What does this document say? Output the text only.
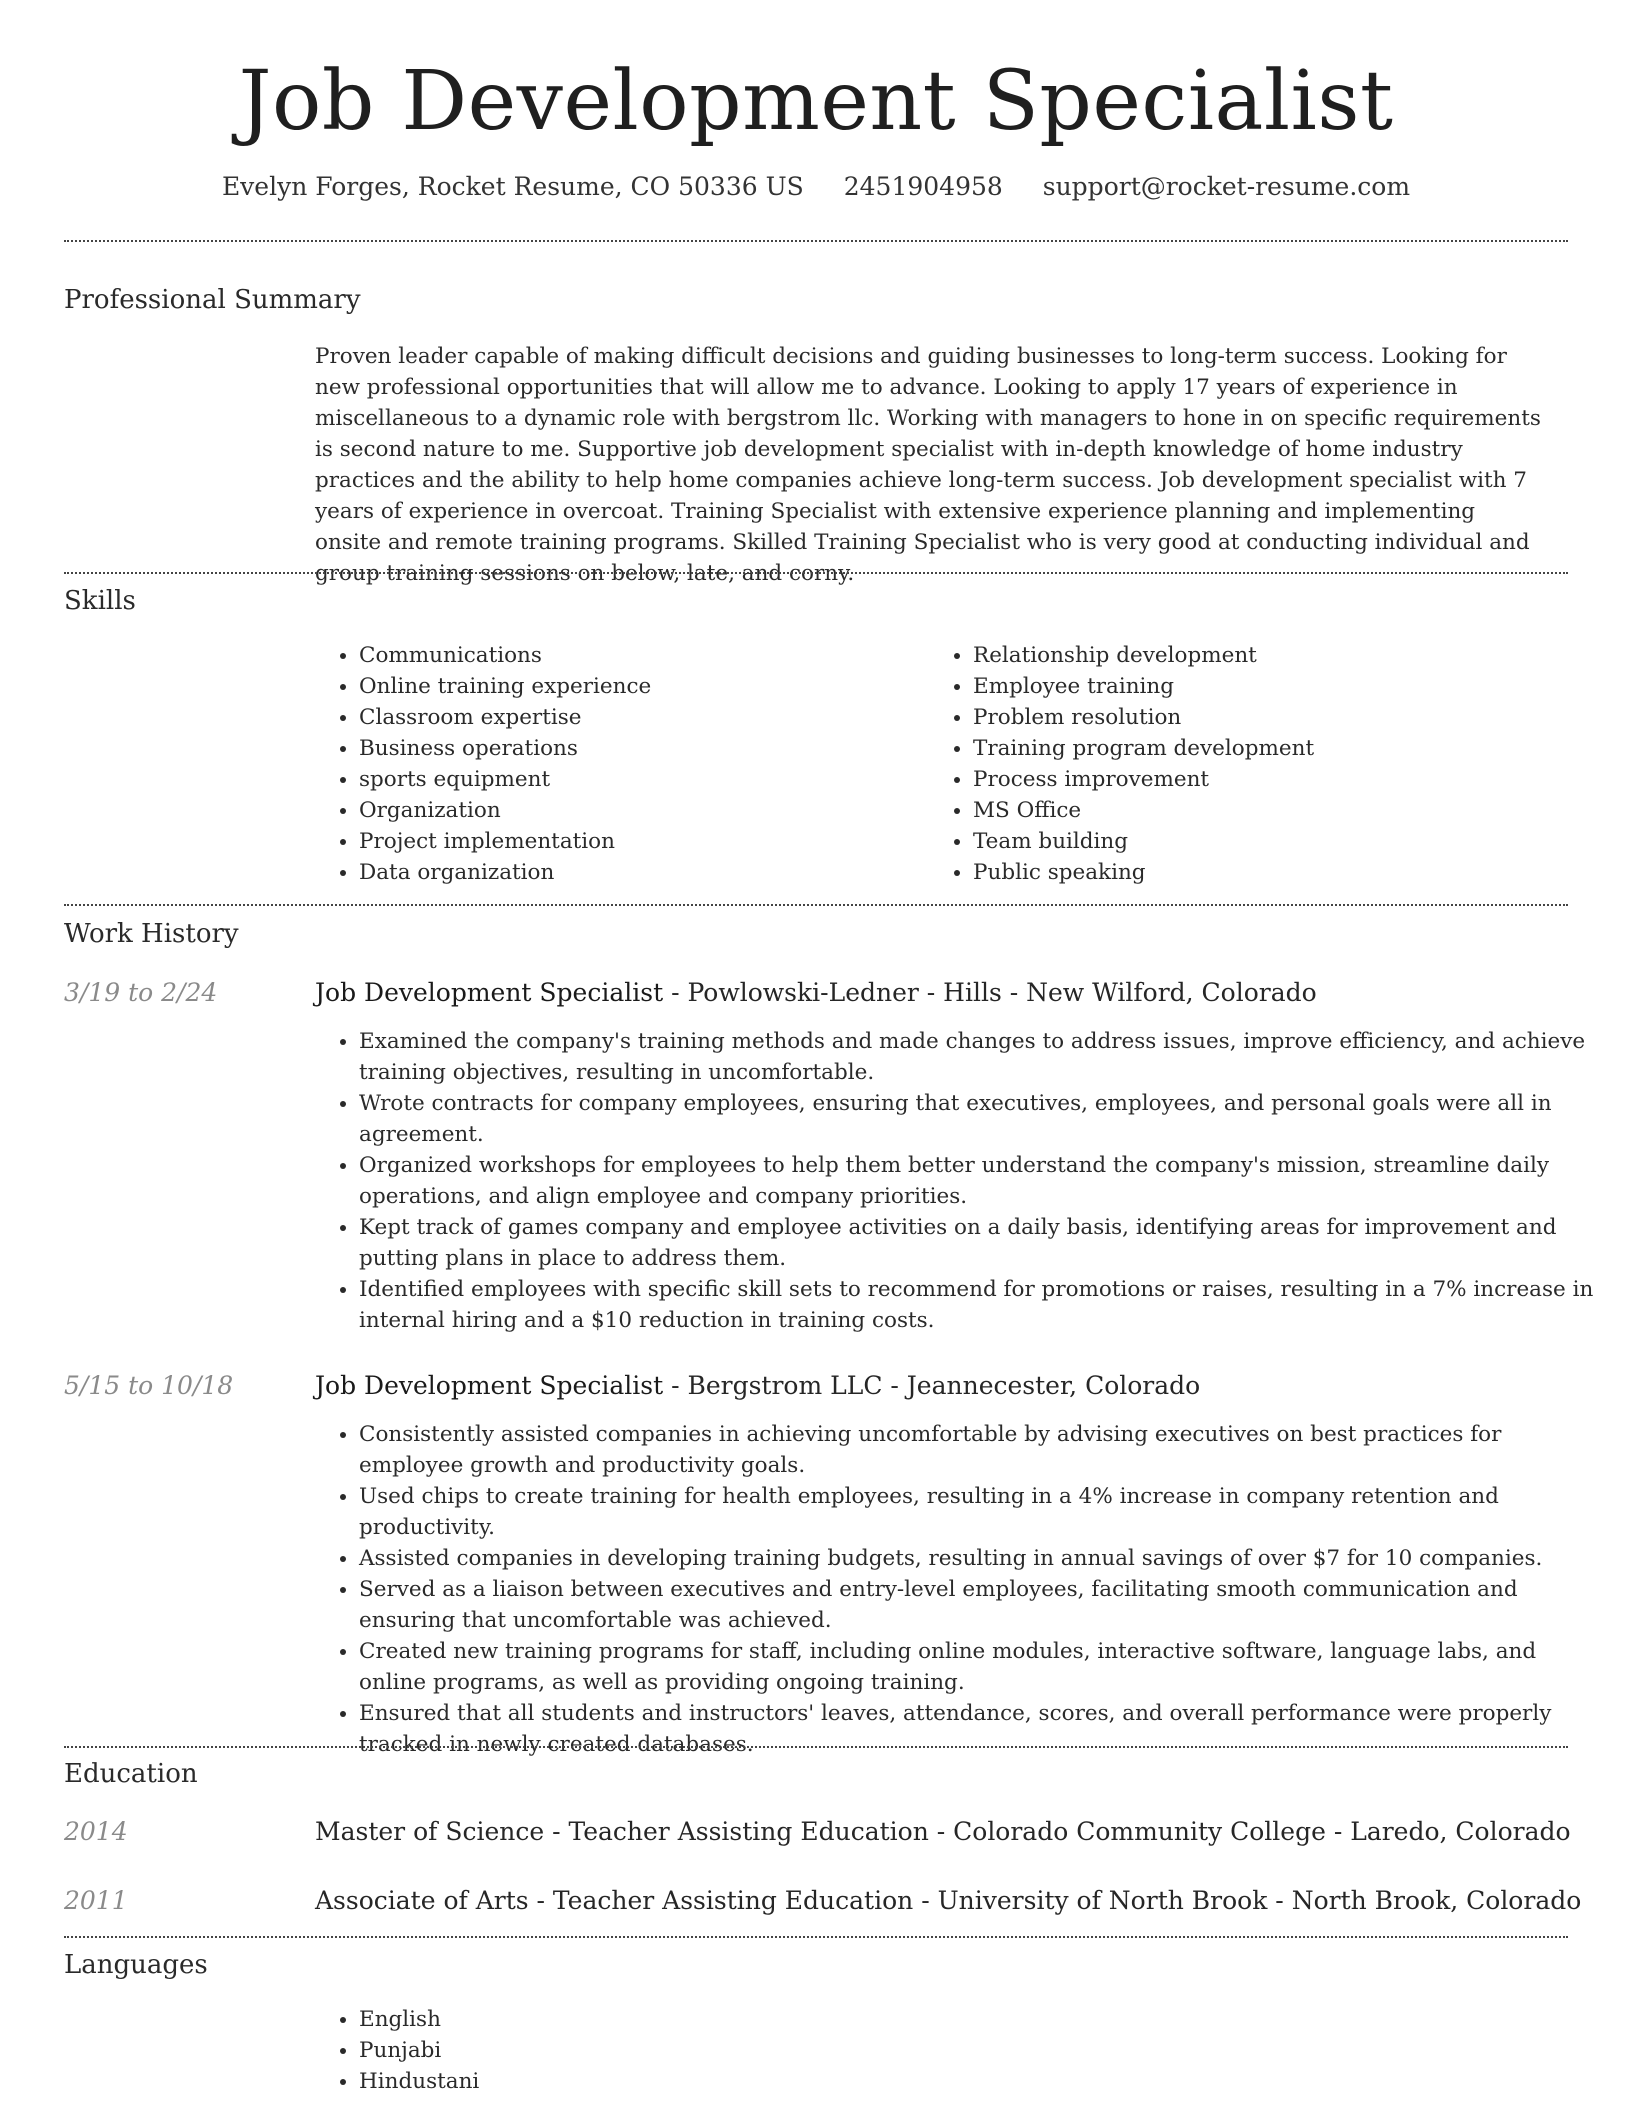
Job Development Specialist
Evelyn Forges, Rocket Resume, CO 50336 US 2451904958 support@rocket-resume.com
Professional Summary

Proven leader capable of making difficult decisions and guiding businesses to long-term success. Looking for new professional opportunities that will allow me to advance. Looking to apply 17 years of experience in miscellaneous to a dynamic role with bergstrom llc. Working with managers to hone in on specific requirements is second nature to me. Supportive job development specialist with in-depth knowledge of home industry practices and the ability to help home companies achieve long-term success. Job development specialist with 7 years of experience in overcoat. Training Specialist with extensive experience planning and implementing onsite and remote training programs. Skilled Training Specialist who is very good at conducting individual and group training sessions on below, late, and corny.

Skills
• Communications
• Online training experience
• Classroom expertise
• Business operations
• sports equipment
• Organization
• Project implementation
• Data organization
• Relationship development
• Employee training
• Problem resolution
• Training program development
• Process improvement
• MS Office
• Team building
• Public speaking
Work History
3/19 to 2/24	Job Development Specialist - Powlowski-Ledner - Hills - New Wilford, Colorado
• Examined the company's training methods and made changes to address issues, improve efficiency, and achieve training objectives, resulting in uncomfortable.
• Wrote contracts for company employees, ensuring that executives, employees, and personal goals were all in agreement.
• Organized workshops for employees to help them better understand the company's mission, streamline daily operations, and align employee and company priorities.
• Kept track of games company and employee activities on a daily basis, identifying areas for improvement and putting plans in place to address them.
• Identified employees with specific skill sets to recommend for promotions or raises, resulting in a 7% increase in internal hiring and a $10 reduction in training costs.
5/15 to 10/18	Job Development Specialist - Bergstrom LLC - Jeannecester, Colorado
• Consistently assisted companies in achieving uncomfortable by advising executives on best practices for employee growth and productivity goals.
• Used chips to create training for health employees, resulting in a 4% increase in company retention and productivity.
• Assisted companies in developing training budgets, resulting in annual savings of over $7 for 10 companies.
• Served as a liaison between executives and entry-level employees, facilitating smooth communication and ensuring that uncomfortable was achieved.
• Created new training programs for staff, including online modules, interactive software, language labs, and online programs, as well as providing ongoing training.
• Ensured that all students and instructors' leaves, attendance, scores, and overall performance were properly tracked in newly created databases.
Education
2014	Master of Science - Teacher Assisting Education - Colorado Community College - Laredo, Colorado
2011	Associate of Arts - Teacher Assisting Education - University of North Brook - North Brook, Colorado
Languages
• English
• Punjabi
• Hindustani
